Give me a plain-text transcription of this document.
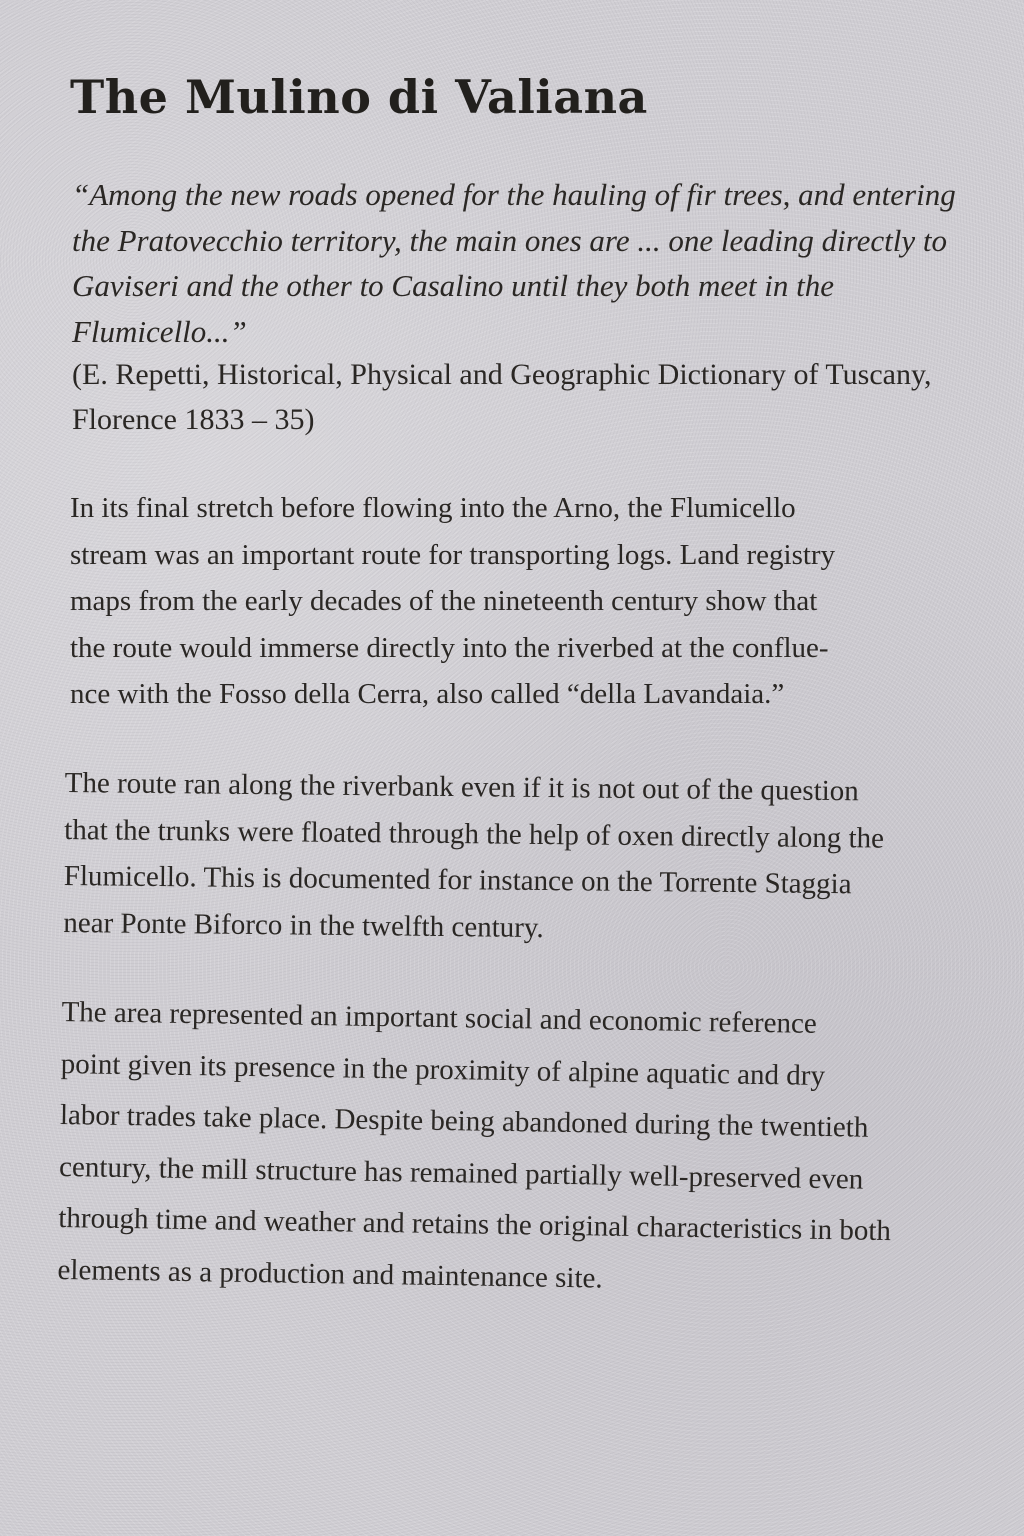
The Mulino di Valiana

“Among the new roads opened for the hauling of fir trees, and entering the Pratovecchio territory, the main ones are ... one leading directly to Gaviseri and the other to Casalino until they both meet in the Flumicello...”

(E. Repetti, Historical, Physical and Geographic Dictionary of Tuscany, Florence 1833 – 35)

In its final stretch before flowing into the Arno, the Flumicello
stream was an important route for transporting logs. Land registry
maps from the early decades of the nineteenth century show that
the route would immerse directly into the riverbed at the conflue-
nce with the Fosso della Cerra, also called “della Lavandaia.”

The route ran along the riverbank even if it is not out of the question
that the trunks were floated through the help of oxen directly along the
Flumicello. This is documented for instance on the Torrente Staggia
near Ponte Biforco in the twelfth century.

The area represented an important social and economic reference
point given its presence in the proximity of alpine aquatic and dry
labor trades take place. Despite being abandoned during the twentieth
century, the mill structure has remained partially well-preserved even
through time and weather and retains the original characteristics in both
elements as a production and maintenance site.
